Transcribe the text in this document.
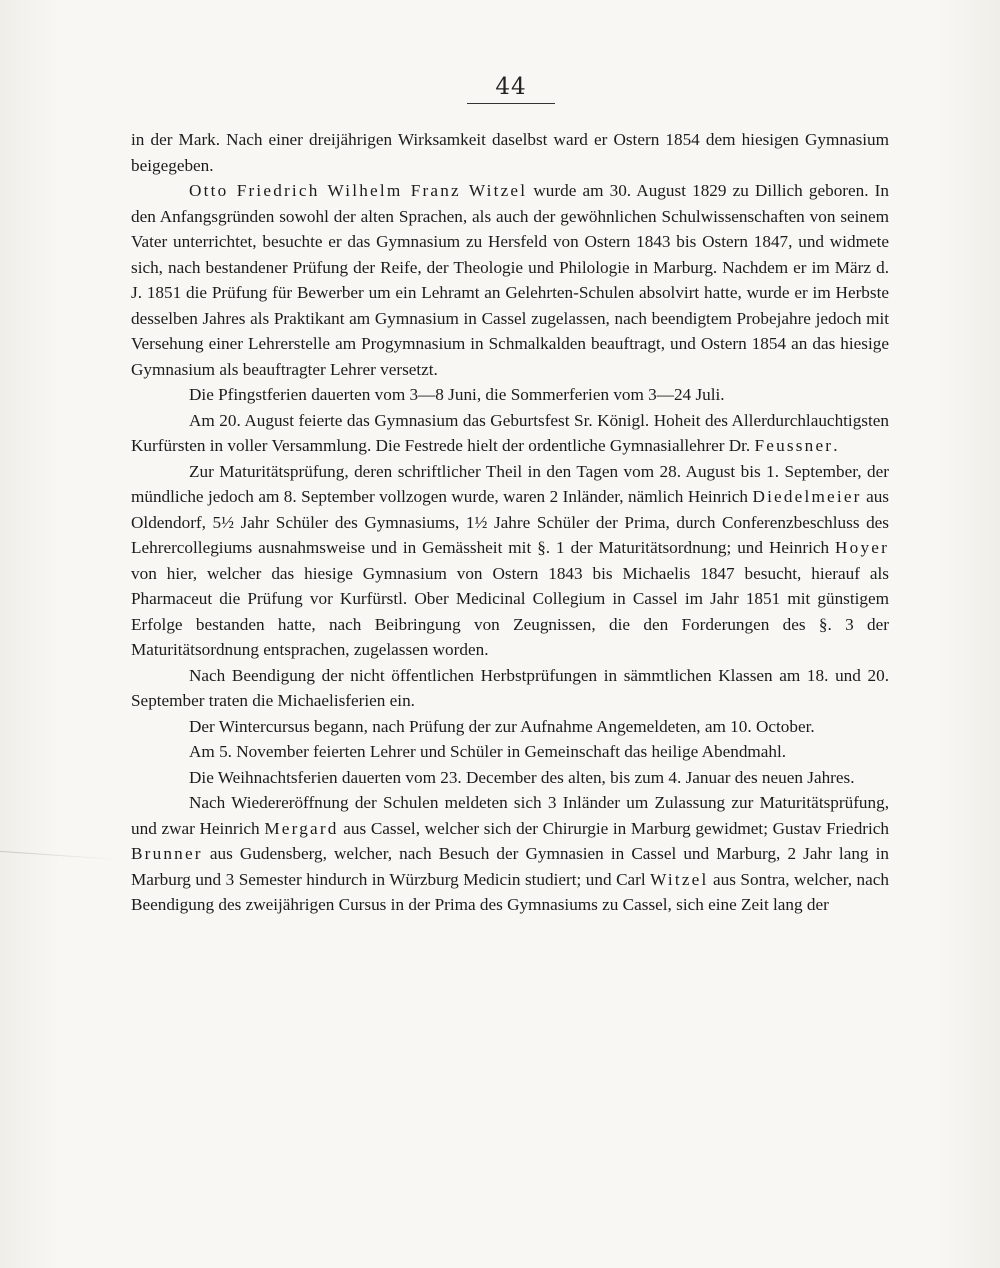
44

in der Mark. Nach einer dreijährigen Wirksamkeit daselbst ward er Ostern 1854 dem hiesigen Gymnasium beigegeben.

Otto Friedrich Wilhelm Franz Witzel wurde am 30. August 1829 zu Dillich geboren. In den Anfangsgründen sowohl der alten Sprachen, als auch der gewöhnlichen Schulwissenschaften von seinem Vater unterrichtet, besuchte er das Gymnasium zu Hersfeld von Ostern 1843 bis Ostern 1847, und widmete sich, nach bestandener Prüfung der Reife, der Theologie und Philologie in Marburg. Nachdem er im März d. J. 1851 die Prüfung für Bewerber um ein Lehramt an Gelehrten-Schulen absolvirt hatte, wurde er im Herbste desselben Jahres als Praktikant am Gymnasium in Cassel zugelassen, nach beendigtem Probejahre jedoch mit Versehung einer Lehrerstelle am Progymnasium in Schmalkalden beauftragt, und Ostern 1854 an das hiesige Gymnasium als beauftragter Lehrer versetzt.

Die Pfingstferien dauerten vom 3—8 Juni, die Sommerferien vom 3—24 Juli.

Am 20. August feierte das Gymnasium das Geburtsfest Sr. Königl. Hoheit des Allerdurchlauchtigsten Kurfürsten in voller Versammlung. Die Festrede hielt der ordentliche Gymnasiallehrer Dr. Feussner.

Zur Maturitätsprüfung, deren schriftlicher Theil in den Tagen vom 28. August bis 1. September, der mündliche jedoch am 8. September vollzogen wurde, waren 2 Inländer, nämlich Heinrich Diedelmeier aus Oldendorf, 5½ Jahr Schüler des Gymnasiums, 1½ Jahre Schüler der Prima, durch Conferenzbeschluss des Lehrercollegiums ausnahmsweise und in Gemässheit mit §. 1 der Maturitätsordnung; und Heinrich Hoyer von hier, welcher das hiesige Gymnasium von Ostern 1843 bis Michaelis 1847 besucht, hierauf als Pharmaceut die Prüfung vor Kurfürstl. Ober Medicinal Collegium in Cassel im Jahr 1851 mit günstigem Erfolge bestanden hatte, nach Beibringung von Zeugnissen, die den Forderungen des §. 3 der Maturitätsordnung entsprachen, zugelassen worden.

Nach Beendigung der nicht öffentlichen Herbstprüfungen in sämmtlichen Klassen am 18. und 20. September traten die Michaelisferien ein.

Der Wintercursus begann, nach Prüfung der zur Aufnahme Angemeldeten, am 10. October.

Am 5. November feierten Lehrer und Schüler in Gemeinschaft das heilige Abendmahl.

Die Weihnachtsferien dauerten vom 23. December des alten, bis zum 4. Januar des neuen Jahres.

Nach Wiedereröffnung der Schulen meldeten sich 3 Inländer um Zulassung zur Maturitätsprüfung, und zwar Heinrich Mergard aus Cassel, welcher sich der Chirurgie in Marburg gewidmet; Gustav Friedrich Brunner aus Gudensberg, welcher, nach Besuch der Gymnasien in Cassel und Marburg, 2 Jahr lang in Marburg und 3 Semester hindurch in Würzburg Medicin studiert; und Carl Witzel aus Sontra, welcher, nach Beendigung des zweijährigen Cursus in der Prima des Gymnasiums zu Cassel, sich eine Zeit lang der
